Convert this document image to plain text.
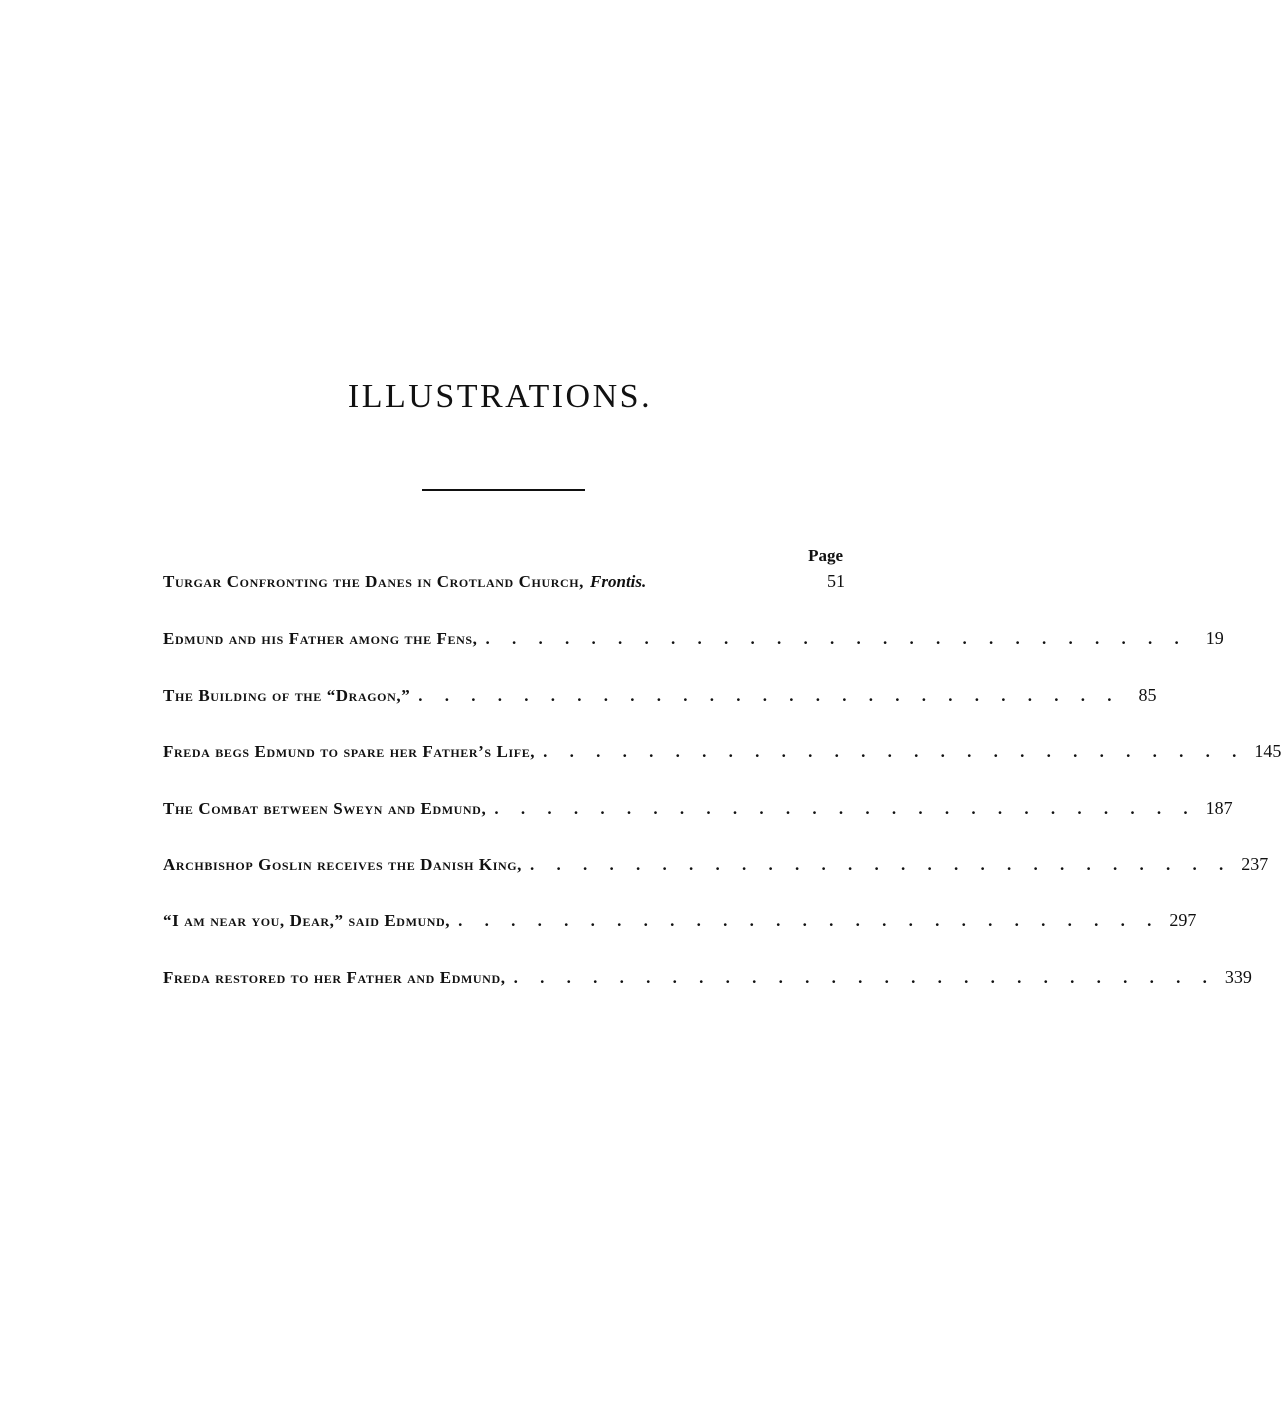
ILLUSTRATIONS.
Page
Turgar Confronting the Danes in Crotland Church, Frontis.	51
Edmund and his Father among the Fens, . . . . . . . . . . . . . . . . . . . . . . . . . . .	19
The Building of the “Dragon,” . . . . . . . . . . . . . . . . . . . . . . . . . . .	85
Freda begs Edmund to spare her Father’s Life, . . . . . . . . . . . . . . . . . . . . . . . . . . . 145
The Combat between Sweyn and Edmund, . . . . . . . . . . . . . . . . . . . . . . . . . . . 187
Archbishop Goslin receives the Danish King, . . . . . . . . . . . . . . . . . . . . . . . . . . . 237
“I am near you, Dear,” said Edmund, . . . . . . . . . . . . . . . . . . . . . . . . . . . 297
Freda restored to her Father and Edmund, . . . . . . . . . . . . . . . . . . . . . . . . . . . 339
